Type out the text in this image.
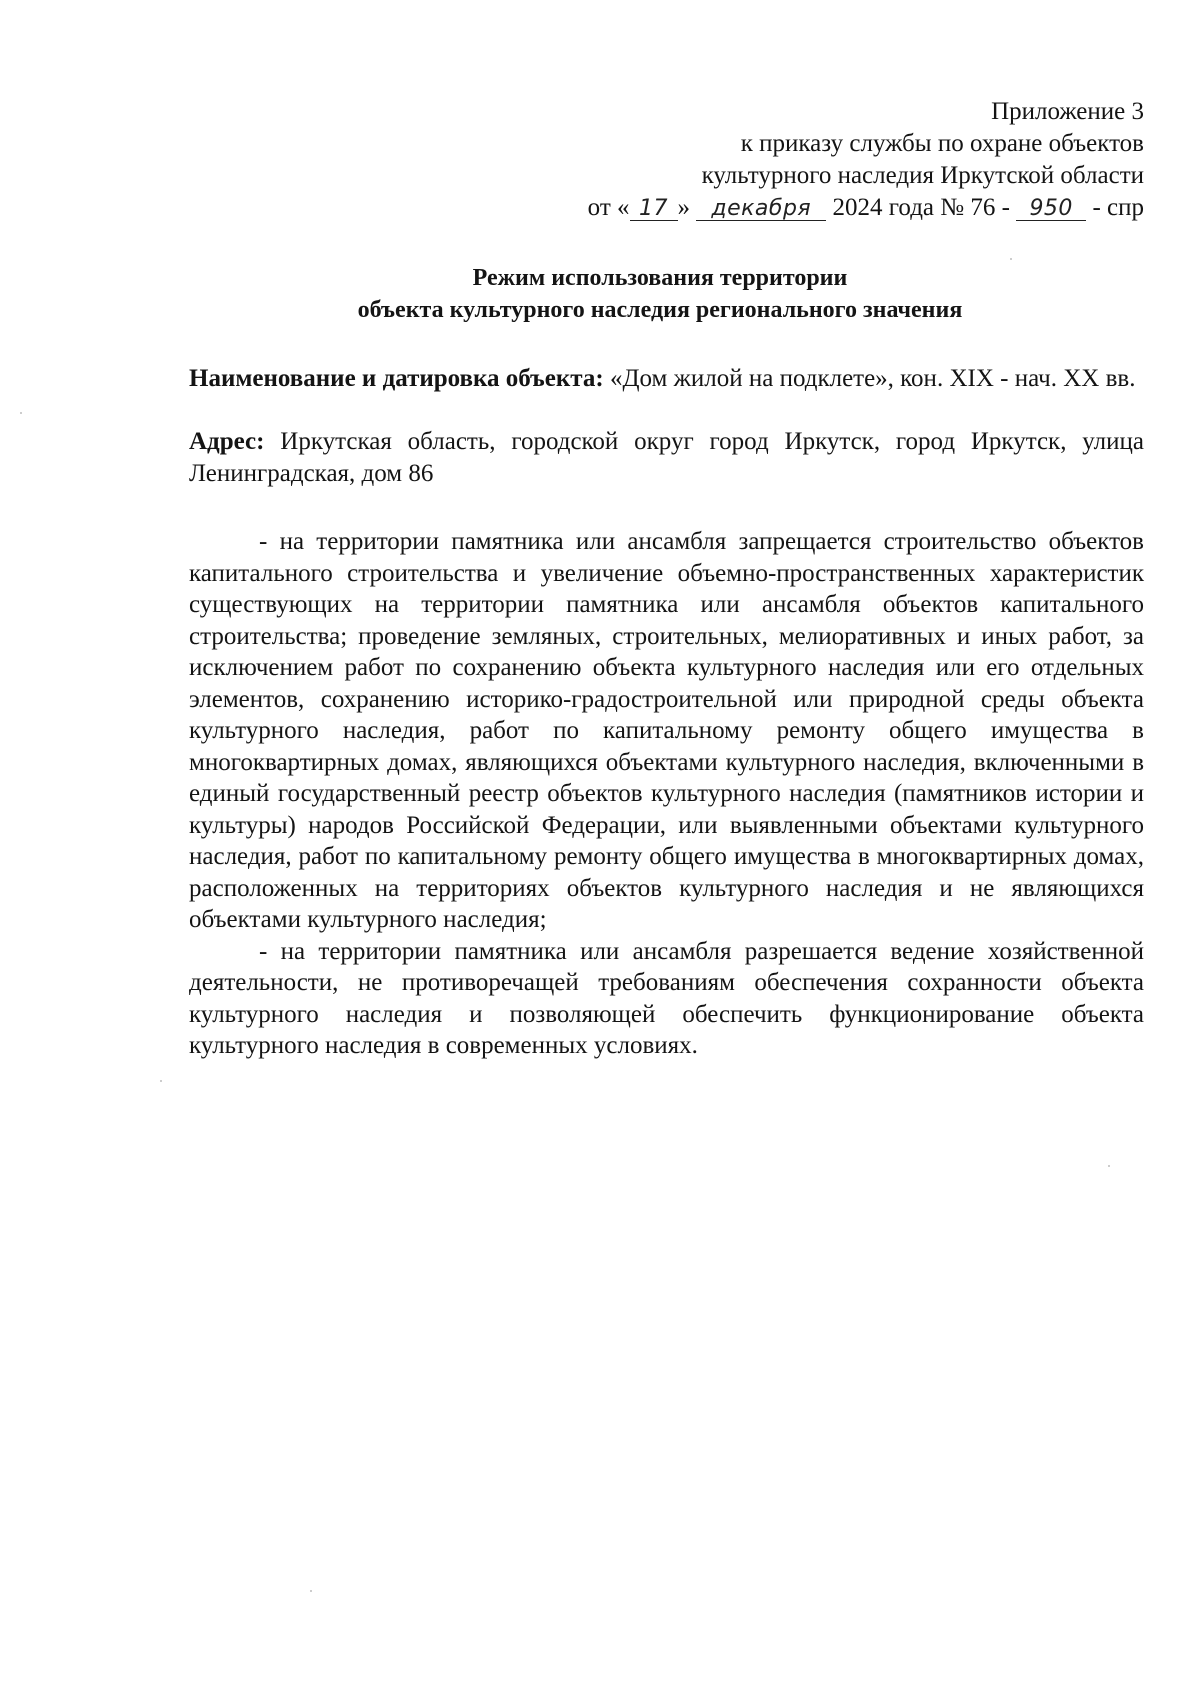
Приложение 3
к приказу службы по охране объектов
культурного наследия Иркутской области
от « 17 » декабря 2024 года № 76 - 950 - спр
Режим использования территории
объекта культурного наследия регионального значения
Наименование и датировка объекта: «Дом жилой на подклете», кон. XIX - нач. XX вв.
Адрес: Иркутская область, городской округ город Иркутск, город Иркутск, улица Ленинградская, дом 86

- на территории памятника или ансамбля запрещается строительство объектов капитального строительства и увеличение объемно-пространственных характеристик существующих на территории памятника или ансамбля объектов капитального строительства; проведение земляных, строительных, мелиоративных и иных работ, за исключением работ по сохранению объекта культурного наследия или его отдельных элементов, сохранению историко-градостроительной или природной среды объекта культурного наследия, работ по капитальному ремонту общего имущества в многоквартирных домах, являющихся объектами культурного наследия, включенными в единый государственный реестр объектов культурного наследия (памятников истории и культуры) народов Российской Федерации, или выявленными объектами культурного наследия, работ по капитальному ремонту общего имущества в многоквартирных домах, расположенных на территориях объектов культурного наследия и не являющихся объектами культурного наследия;

- на территории памятника или ансамбля разрешается ведение хозяйственной деятельности, не противоречащей требованиям обеспечения сохранности объекта культурного наследия и позволяющей обеспечить функционирование объекта культурного наследия в современных условиях.
